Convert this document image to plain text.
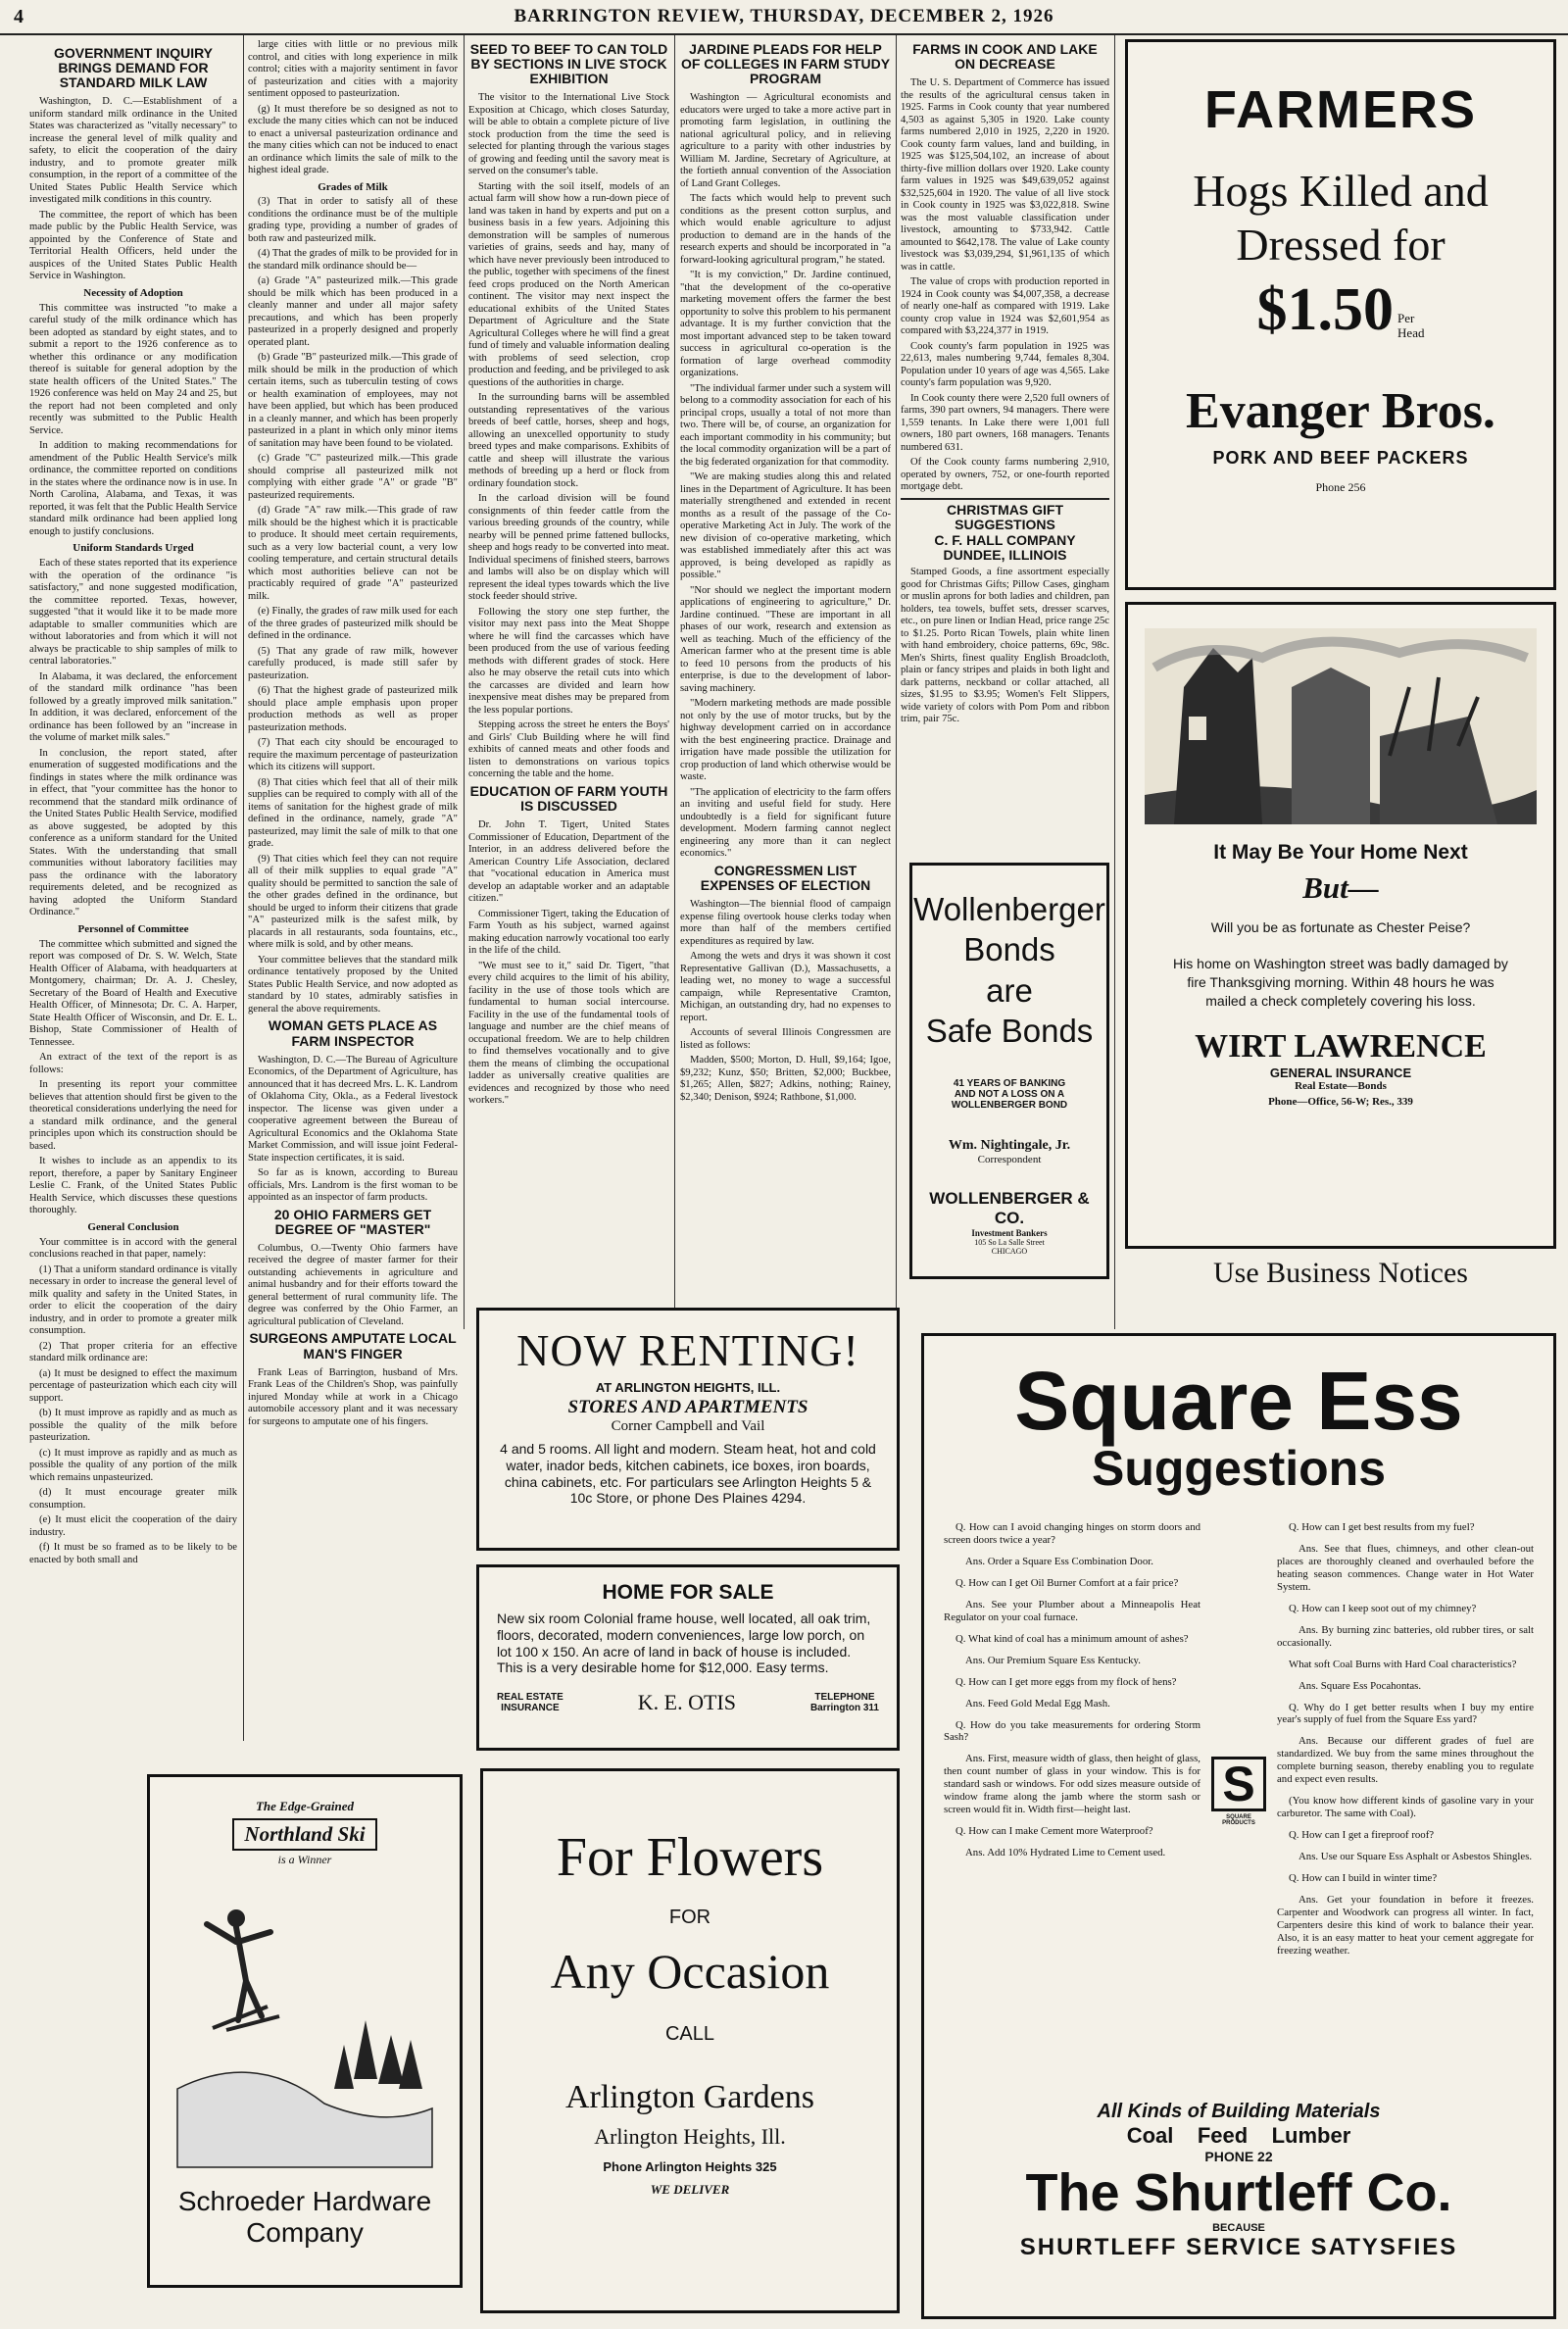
4	BARRINGTON REVIEW, THURSDAY, DECEMBER 2, 1926
GOVERNMENT INQUIRY BRINGS DEMAND FOR STANDARD MILK LAW

Washington, D. C.—Establishment of a uniform standard milk ordinance in the United States was characterized as "vitally necessary" to increase the general level of milk quality and safety, to elicit the cooperation of the dairy industry, and to promote greater milk consumption, in the report of a committee of the United States Public Health Service which investigated milk conditions in this country.

The committee, the report of which has been made public by the Public Health Service, was appointed by the Conference of State and Territorial Health Officers, held under the auspices of the United States Public Health Service in Washington.

Necessity of Adoption

This committee was instructed "to make a careful study of the milk ordinance which has been adopted as standard by eight states, and to submit a report to the 1926 conference as to whether this ordinance or any modification thereof is suitable for general adoption by the state health officers of the United States." The 1926 conference was held on May 24 and 25, but the report had not been completed and only recently was submitted to the Public Health Service.

In addition to making recommendations for amendment of the Public Health Service's milk ordinance, the committee reported on conditions in the states where the ordinance now is in use. In North Carolina, Alabama, and Texas, it was reported, it was felt that the Public Health Service standard milk ordinance had been applied long enough to justify conclusions.

Uniform Standards Urged

Each of these states reported that its experience with the operation of the ordinance "is satisfactory," and none suggested modification, the committee reported. Texas, however, suggested "that it would like it to be made more adaptable to smaller communities which are without laboratories and from which it will not always be practicable to ship samples of milk to central laboratories."

In Alabama, it was declared, the enforcement of the standard milk ordinance "has been followed by a greatly improved milk sanitation." In addition, it was declared, enforcement of the ordinance has been followed by an "increase in the volume of market milk sales."

In conclusion, the report stated, after enumeration of suggested modifications and the findings in states where the milk ordinance was in effect, that "your committee has the honor to recommend that the standard milk ordinance of the United States Public Health Service, modified as above suggested, be adopted by this conference as a uniform standard for the United States. With the understanding that small communities without laboratory facilities may pass the ordinance with the laboratory requirements deleted, and be recognized as having adopted the Uniform Standard Ordinance."

Personnel of Committee

The committee which submitted and signed the report was composed of Dr. S. W. Welch, State Health Officer of Alabama, with headquarters at Montgomery, chairman; Dr. A. J. Chesley, Secretary of the Board of Health and Executive Health Officer, of Minnesota; Dr. C. A. Harper, State Health Officer of Wisconsin, and Dr. E. L. Bishop, State Commissioner of Health of Tennessee.

An extract of the text of the report is as follows:

In presenting its report your committee believes that attention should first be given to the theoretical considerations underlying the need for a standard milk ordinance, and the general principles upon which its construction should be based.

It wishes to include as an appendix to its report, therefore, a paper by Sanitary Engineer Leslie C. Frank, of the United States Public Health Service, which discusses these questions thoroughly.

General Conclusion

Your committee is in accord with the general conclusions reached in that paper, namely:

(1) That a uniform standard ordinance is vitally necessary in order to increase the general level of milk quality and safety in the United States, in order to elicit the cooperation of the dairy industry, and in order to promote a greater milk consumption.

(2) That proper criteria for an effective standard milk ordinance are:

(a) It must be designed to effect the maximum percentage of pasteurization which each city will support.

(b) It must improve as rapidly and as much as possible the quality of the milk before pasteurization.

(c) It must improve as rapidly and as much as possible the quality of any portion of the milk which remains unpasteurized.

(d) It must encourage greater milk consumption.

(e) It must elicit the cooperation of the dairy industry.

(f) It must be so framed as to be likely to be enacted by both small and

large cities with little or no previous milk control, and cities with long experience in milk control; cities with a majority sentiment in favor of pasteurization and cities with a majority sentiment opposed to pasteurization.

(g) It must therefore be so designed as not to exclude the many cities which can not be induced to enact a universal pasteurization ordinance and the many cities which can not be induced to enact an ordinance which limits the sale of milk to the highest ideal grade.

Grades of Milk

(3) That in order to satisfy all of these conditions the ordinance must be of the multiple grading type, providing a number of grades of both raw and pasteurized milk.

(4) That the grades of milk to be provided for in the standard milk ordinance should be—

(a) Grade "A" pasteurized milk.—This grade should be milk which has been produced in a cleanly manner and under all major safety precautions, and which has been properly pasteurized in a properly designed and properly operated plant.

(b) Grade "B" pasteurized milk.—This grade of milk should be milk in the production of which certain items, such as tuberculin testing of cows or health examination of employees, may not have been applied, but which has been produced in a cleanly manner, and which has been properly pasteurized in a plant in which only minor items of sanitation may have been found to be violated.

(c) Grade "C" pasteurized milk.—This grade should comprise all pasteurized milk not complying with either grade "A" or grade "B" pasteurized requirements.

(d) Grade "A" raw milk.—This grade of raw milk should be the highest which it is practicable to produce. It should meet certain requirements, such as a very low bacterial count, a very low cooling temperature, and certain structural details which most authorities believe can not be practicably required of grade "A" pasteurized milk.

(e) Finally, the grades of raw milk used for each of the three grades of pasteurized milk should be defined in the ordinance.

(5) That any grade of raw milk, however carefully produced, is made still safer by pasteurization.

(6) That the highest grade of pasteurized milk should place ample emphasis upon proper production methods as well as proper pasteurization methods.

(7) That each city should be encouraged to require the maximum percentage of pasteurization which its citizens will support.

(8) That cities which feel that all of their milk supplies can be required to comply with all of the items of sanitation for the highest grade of milk defined in the ordinance, namely, grade "A" pasteurized, may limit the sale of milk to that one grade.

(9) That cities which feel they can not require all of their milk supplies to equal grade "A" quality should be permitted to sanction the sale of the other grades defined in the ordinance, but should be urged to inform their citizens that grade "A" pasteurized milk is the safest milk, by placards in all restaurants, soda fountains, etc., where milk is sold, and by other means.

Your committee believes that the standard milk ordinance tentatively proposed by the United States Public Health Service, and now adopted as standard by 10 states, admirably satisfies in general the above requirements.

WOMAN GETS PLACE AS FARM INSPECTOR

Washington, D. C.—The Bureau of Agriculture Economics, of the Department of Agriculture, has announced that it has decreed Mrs. L. K. Landrom of Oklahoma City, Okla., as a Federal livestock inspector. The license was given under a cooperative agreement between the Bureau of Agricultural Economics and the Oklahoma State Market Commission, and will issue joint Federal-State inspection certificates, it is said.

So far as is known, according to Bureau officials, Mrs. Landrom is the first woman to be appointed as an inspector of farm products.

20 OHIO FARMERS GET DEGREE OF "MASTER"

Columbus, O.—Twenty Ohio farmers have received the degree of master farmer for their outstanding achievements in agriculture and animal husbandry and for their efforts toward the general betterment of rural community life. The degree was conferred by the Ohio Farmer, an agricultural publication of Cleveland.

SURGEONS AMPUTATE LOCAL MAN'S FINGER

Frank Leas of Barrington, husband of Mrs. Frank Leas of the Children's Shop, was painfully injured Monday while at work in a Chicago automobile accessory plant and it was necessary for surgeons to amputate one of his fingers.

SEED TO BEEF TO CAN TOLD BY SECTIONS IN LIVE STOCK EXHIBITION

The visitor to the International Live Stock Exposition at Chicago, which closes Saturday, will be able to obtain a complete picture of live stock production from the time the seed is selected for planting through the various stages of growing and feeding until the savory meat is served on the consumer's table.

Starting with the soil itself, models of an actual farm will show how a run-down piece of land was taken in hand by experts and put on a business basis in a few years. Adjoining this demonstration will be samples of numerous varieties of grains, seeds and hay, many of which have never previously been introduced to the public, together with specimens of the finest feed crops produced on the North American continent. The visitor may next inspect the educational exhibits of the United States Department of Agriculture and the State Agricultural Colleges where he will find a great fund of timely and valuable information dealing with problems of seed selection, crop production and feeding, and be privileged to ask questions of the authorities in charge.

In the surrounding barns will be assembled outstanding representatives of the various breeds of beef cattle, horses, sheep and hogs, allowing an unexcelled opportunity to study breed types and make comparisons. Exhibits of cattle and sheep will illustrate the various methods of breeding up a herd or flock from ordinary foundation stock.

In the carload division will be found consignments of thin feeder cattle from the various breeding grounds of the country, while nearby will be penned prime fattened bullocks, sheep and hogs ready to be converted into meat. Individual specimens of finished steers, barrows and lambs will also be on display which will represent the ideal types towards which the live stock feeder should strive.

Following the story one step further, the visitor may next pass into the Meat Shoppe where he will find the carcasses which have been produced from the use of various feeding methods with different grades of stock. Here also he may observe the retail cuts into which the carcasses are divided and learn how inexpensive meat dishes may be prepared from the less popular portions.

Stepping across the street he enters the Boys' and Girls' Club Building where he will find exhibits of canned meats and other foods and listen to demonstrations on various topics concerning the table and the home.

EDUCATION OF FARM YOUTH IS DISCUSSED

Dr. John T. Tigert, United States Commissioner of Education, Department of the Interior, in an address delivered before the American Country Life Association, declared that "vocational education in America must develop an adaptable worker and an adaptable citizen."

Commissioner Tigert, taking the Education of Farm Youth as his subject, warned against making education narrowly vocational too early in the life of the child.

"We must see to it," said Dr. Tigert, "that every child acquires to the limit of his ability, facility in the use of those tools which are fundamental to human social intercourse. Facility in the use of the fundamental tools of language and number are the chief means of occupational freedom. We are to help children to find themselves vocationally and to give them the means of climbing the occupational ladder as universally creative qualities are evidences and recognized by those who need workers."

JARDINE PLEADS FOR HELP OF COLLEGES IN FARM STUDY PROGRAM

Washington — Agricultural economists and educators were urged to take a more active part in promoting farm legislation, in outlining the national agricultural policy, and in relieving agriculture to a parity with other industries by William M. Jardine, Secretary of Agriculture, at the fortieth annual convention of the Association of Land Grant Colleges.

The facts which would help to prevent such conditions as the present cotton surplus, and which would enable agriculture to adjust production to demand are in the hands of the research experts and should be incorporated in "a forward-looking agricultural program," he stated.

"It is my conviction," Dr. Jardine continued, "that the development of the co-operative marketing movement offers the farmer the best opportunity to solve this problem to his permanent advantage. It is my further conviction that the most important advanced step to be taken toward success in agricultural co-operation is the formation of large overhead commodity organizations.

"The individual farmer under such a system will belong to a commodity association for each of his principal crops, usually a total of not more than two. There will be, of course, an organization for each important commodity in his community; but the local commodity organization will be a part of the big federated organization for that commodity.

"We are making studies along this and related lines in the Department of Agriculture. It has been materially strengthened and extended in recent months as a result of the passage of the Co-operative Marketing Act in July. The work of the new division of co-operative marketing, which was established immediately after this act was approved, is being developed as rapidly as possible."

"Nor should we neglect the important modern applications of engineering to agriculture," Dr. Jardine continued. "These are important in all phases of our work, research and extension as well as teaching. Much of the efficiency of the American farmer who at the present time is able to feed 10 persons from the products of his enterprise, is due to the development of labor-saving machinery.

"Modern marketing methods are made possible not only by the use of motor trucks, but by the highway development carried on in accordance with the best engineering practice. Drainage and irrigation have made possible the utilization for crop production of land which otherwise would be waste.

"The application of electricity to the farm offers an inviting and useful field for study. Here undoubtedly is a field for significant future development. Modern farming cannot neglect engineering any more than it can neglect economics."

CONGRESSMEN LIST EXPENSES OF ELECTION

Washington—The biennial flood of campaign expense filing overtook house clerks today when more than half of the members certified expenditures as required by law.

Among the wets and drys it was shown it cost Representative Gallivan (D.), Massachusetts, a leading wet, no money to wage a successful campaign, while Representative Cramton, Michigan, an outstanding dry, had no expenses to report.

Accounts of several Illinois Congressmen are listed as follows:

Madden, $500; Morton, D. Hull, $9,164; Igoe, $9,232; Kunz, $50; Britten, $2,000; Buckbee, $1,265; Allen, $827; Adkins, nothing; Rainey, $2,340; Denison, $924; Rathbone, $1,000.

FARMS IN COOK AND LAKE ON DECREASE

The U. S. Department of Commerce has issued the results of the agricultural census taken in 1925. Farms in Cook county that year numbered 4,503 as against 5,305 in 1920. Lake county farms numbered 2,010 in 1925, 2,220 in 1920. Cook county farm values, land and building, in 1925 was $125,504,102, an increase of about thirty-five million dollars over 1920. Lake county farm values in 1925 was $49,639,052 against $32,525,604 in 1920. The value of all live stock in Cook county in 1925 was $3,022,818. Swine was the most valuable classification under livestock, amounting to $733,942. Cattle amounted to $642,178. The value of Lake county livestock was $3,039,294, $1,961,135 of which was in cattle.

The value of crops with production reported in 1924 in Cook county was $4,007,358, a decrease of nearly one-half as compared with 1919. Lake county crop value in 1924 was $2,601,954 as compared with $3,224,377 in 1919.

Cook county's farm population in 1925 was 22,613, males numbering 9,744, females 8,304. Population under 10 years of age was 4,565. Lake county's farm population was 9,920.

In Cook county there were 2,520 full owners of farms, 390 part owners, 94 managers. There were 1,559 tenants. In Lake there were 1,001 full owners, 180 part owners, 168 managers. Tenants numbered 631.

Of the Cook county farms numbering 2,910, operated by owners, 752, or one-fourth reported mortgage debt.

CHRISTMAS GIFT SUGGESTIONS
C. F. HALL COMPANY
DUNDEE, ILLINOIS

Stamped Goods, a fine assortment especially good for Christmas Gifts; Pillow Cases, gingham or muslin aprons for both ladies and children, pan holders, tea towels, buffet sets, dresser scarves, etc., on pure linen or Indian Head, price range 25c to $1.25. Porto Rican Towels, plain white linen with hand embroidery, choice patterns, 69c, 98c. Men's Shirts, finest quality English Broadcloth, plain or fancy stripes and plaids in both light and dark patterns, neckband or collar attached, all sizes, $1.95 to $3.95; Women's Felt Slippers, wide variety of colors with Pom Pom and ribbon trim, pair 75c.

Wollenberger
Bonds
are
Safe Bonds
41 YEARS OF BANKING
AND NOT A LOSS ON A
WOLLENBERGER BOND
Wm. Nightingale, Jr.
Correspondent
WOLLENBERGER & CO.
Investment Bankers
105 So La Salle Street
CHICAGO
FARMERS
Hogs Killed and
Dressed for
$1.50 Per
Head
Evanger Bros.
PORK AND BEEF PACKERS
Phone 256
It May Be Your Home Next
But—
Will you be as fortunate as Chester Peise?
His home on Washington street was badly damaged by fire Thanksgiving morning. Within 48 hours he was mailed a check completely covering his loss.
WIRT LAWRENCE
GENERAL INSURANCE
Real Estate—Bonds
Phone—Office, 56-W; Res., 339
Use Business Notices
NOW RENTING!
AT ARLINGTON HEIGHTS, ILL.
STORES AND APARTMENTS
Corner Campbell and Vail
4 and 5 rooms. All light and modern. Steam heat, hot and cold water, inador beds, kitchen cabinets, ice boxes, iron boards, china cabinets, etc. For particulars see Arlington Heights 5 & 10c Store, or phone Des Plaines 4294.
HOME FOR SALE
New six room Colonial frame house, well located, all oak trim, floors, decorated, modern conveniences, large low porch, on lot 100 x 150. An acre of land in back of house is included. This is a very desirable home for $12,000. Easy terms.
REAL ESTATE
INSURANCE	K. E. OTIS	TELEPHONE
Barrington 311
For Flowers
FOR
Any Occasion
CALL
Arlington Gardens
Arlington Heights, Ill.
Phone Arlington Heights 325
WE DELIVER
The Edge-Grained
Northland Ski
is a Winner
Schroeder Hardware
Company
Square Ess
Suggestions

Q. How can I avoid changing hinges on storm doors and screen doors twice a year?

Ans. Order a Square Ess Combination Door.

Q. How can I get Oil Burner Comfort at a fair price?

Ans. See your Plumber about a Minneapolis Heat Regulator on your coal furnace.

Q. What kind of coal has a minimum amount of ashes?

Ans. Our Premium Square Ess Kentucky.

Q. How can I get more eggs from my flock of hens?

Ans. Feed Gold Medal Egg Mash.

Q. How do you take measurements for ordering Storm Sash?

Ans. First, measure width of glass, then height of glass, then count number of glass in your window. This is for standard sash or windows. For odd sizes measure outside of window frame along the jamb where the storm sash or screen would fit in. Width first—height last.

Q. How can I make Cement more Waterproof?

Ans. Add 10% Hydrated Lime to Cement used.

S
SQUARE PRODUCTS

Q. How can I get best results from my fuel?

Ans. See that flues, chimneys, and other clean-out places are thoroughly cleaned and overhauled before the heating season commences. Change water in Hot Water System.

Q. How can I keep soot out of my chimney?

Ans. By burning zinc batteries, old rubber tires, or salt occasionally.

What soft Coal Burns with Hard Coal characteristics?

Ans. Square Ess Pocahontas.

Q. Why do I get better results when I buy my entire year's supply of fuel from the Square Ess yard?

Ans. Because our different grades of fuel are standardized. We buy from the same mines throughout the complete burning season, thereby enabling you to regulate and expect even results.

(You know how different kinds of gasoline vary in your carburetor. The same with Coal).

Q. How can I get a fireproof roof?

Ans. Use our Square Ess Asphalt or Asbestos Shingles.

Q. How can I build in winter time?

Ans. Get your foundation in before it freezes. Carpenter and Woodwork can progress all winter. In fact, Carpenters desire this kind of work to balance their year. Also, it is an easy matter to heat your cement aggregate for freezing weather.

All Kinds of Building Materials
Coal    Feed    Lumber
PHONE 22
The Shurtleff Co.
BECAUSE
SHURTLEFF SERVICE SATYSFIES
